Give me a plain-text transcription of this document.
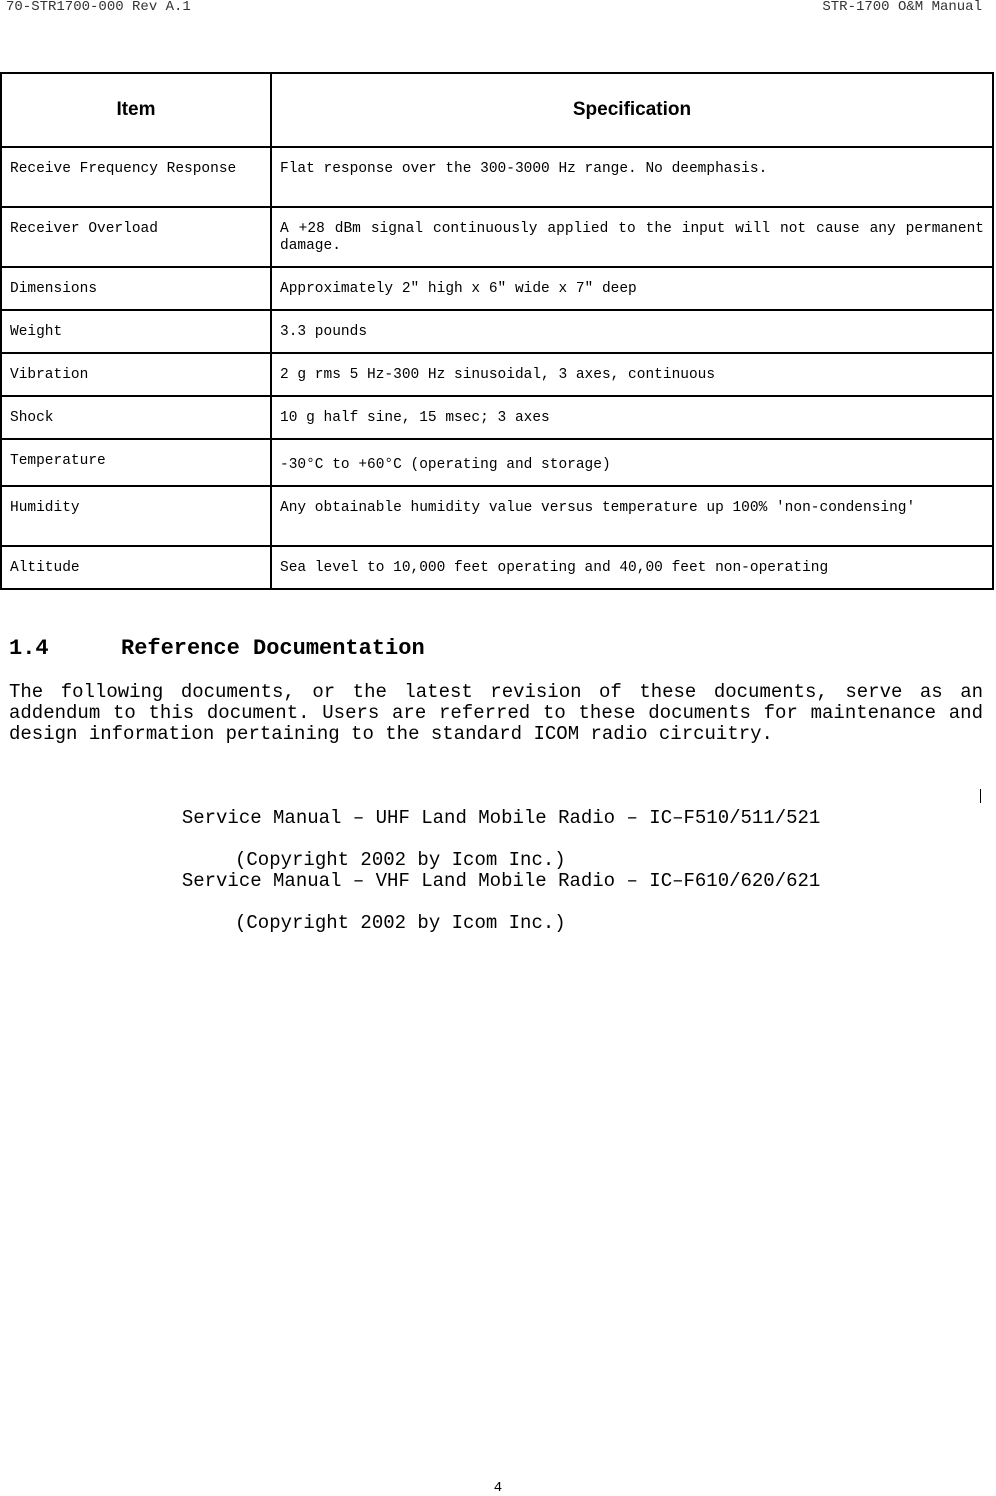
70-STR1700-000 Rev A.1	STR-1700 O&M Manual
Item	Specification
Receive Frequency Response	Flat response over the 300-3000 Hz range. No deemphasis.
Receiver Overload	A +28 dBm signal continuously applied to the input will not cause any permanent damage.
Dimensions	Approximately 2" high x 6" wide x 7" deep
Weight	3.3 pounds
Vibration	2 g rms 5 Hz-300 Hz sinusoidal, 3 axes, continuous
Shock	10 g half sine, 15 msec; 3 axes
Temperature	-30°C to +60°C (operating and storage)
Humidity	Any obtainable humidity value versus temperature up 100% 'non-condensing'
Altitude	Sea level to 10,000 feet operating and 40,00 feet non-operating
1.4	Reference Documentation
The following documents, or the latest revision of these documents, serve as an addendum to this document. Users are referred to these documents for maintenance and design information pertaining to the standard ICOM radio circuitry.

Service Manual – UHF Land Mobile Radio – IC–F510/511/521

(Copyright 2002 by Icom Inc.)

Service Manual – VHF Land Mobile Radio – IC–F610/620/621

(Copyright 2002 by Icom Inc.)

4
